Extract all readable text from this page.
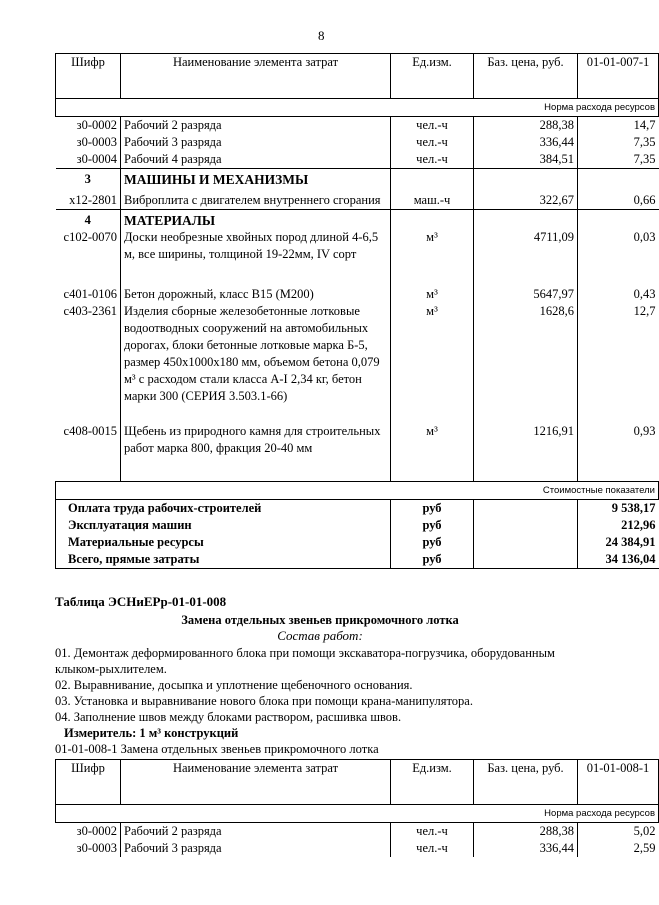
8
Шифр	Наименование элемента затрат	Ед.изм.	Баз. цена, руб.	01-01-007-1
Норма расхода ресурсов				
з0-0002	Рабочий 2 разряда	чел.-ч	288,38	14,7
з0-0003	Рабочий 3 разряда	чел.-ч	336,44	7,35
з0-0004	Рабочий 4 разряда	чел.-ч	384,51	7,35
3	МАШИНЫ И МЕХАНИЗМЫ			
х12-2801	Виброплита с двигателем внутреннего сгорания	маш.-ч	322,67	0,66
4	МАТЕРИАЛЫ			
с102-0070	Доски необрезные хвойных пород длиной 4-6,5 м, все ширины, толщиной 19-22мм, IV сорт	м³	4711,09	0,03
с401-0106	Бетон дорожный, класс В15 (М200)	м³	5647,97	0,43
с403-2361	Изделия сборные железобетонные лотковые водоотводных сооружений на автомобильных дорогах, блоки бетонные лотковые марка Б-5, размер 450х1000х180 мм, объемом бетона 0,079 м³ с расходом стали класса А-I 2,34 кг, бетон марки 300 (СЕРИЯ 3.503.1-66)	м³	1628,6	12,7
с408-0015	Щебень из природного камня для строительных работ марка 800, фракция 20-40 мм	м³	1216,91	0,93
Стоимостные показатели				
Оплата труда рабочих-строителей		руб		9 538,17
Эксплуатация машин		руб		212,96
Материальные ресурсы		руб		24 384,91
Всего, прямые затраты		руб		34 136,04

Таблица ЭСНиЕРр-01-01-008

Замена отдельных звеньев прикромочного лотка

Состав работ:

01. Демонтаж деформированного блока при помощи экскаватора-погрузчика, оборудованным

клыком-рыхлителем.

02. Выравнивание, досыпка и уплотнение щебеночного основания.

03. Установка и выравнивание нового блока при помощи крана-манипулятора.

04. Заполнение швов между блоками раствором, расшивка швов.

Измеритель: 1 м³ конструкций

01-01-008-1 Замена отдельных звеньев прикромочного лотка

Шифр	Наименование элемента затрат	Ед.изм.	Баз. цена, руб.	01-01-008-1
Норма расхода ресурсов				
з0-0002	Рабочий 2 разряда	чел.-ч	288,38	5,02
з0-0003	Рабочий 3 разряда	чел.-ч	336,44	2,59
